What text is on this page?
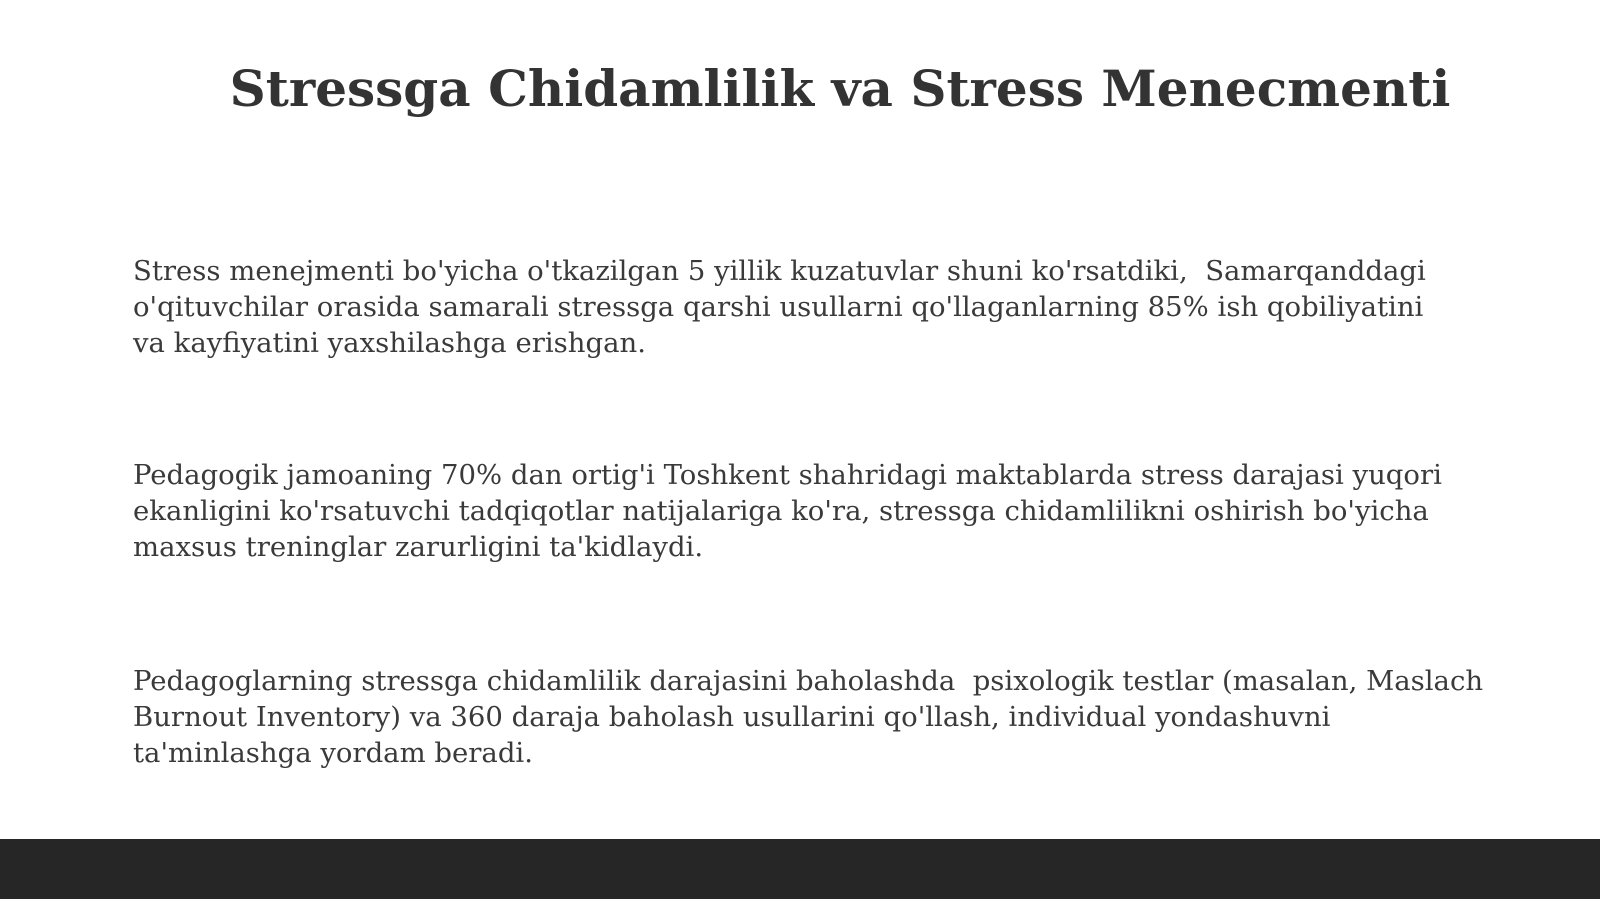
Stressga Chidamlilik va Stress Menecmenti

Stress menejmenti bo'yicha o'tkazilgan 5 yillik kuzatuvlar shuni ko'rsatdiki,  Samarqanddagi
o'qituvchilar orasida samarali stressga qarshi usullarni qo'llaganlarning 85% ish qobiliyatini
va kayfiyatini yaxshilashga erishgan.

Pedagogik jamoaning 70% dan ortig'i Toshkent shahridagi maktablarda stress darajasi yuqori
ekanligini ko'rsatuvchi tadqiqotlar natijalariga ko'ra, stressga chidamlilikni oshirish bo'yicha
maxsus treninglar zarurligini ta'kidlaydi.

Pedagoglarning stressga chidamlilik darajasini baholashda  psixologik testlar (masalan, Maslach
Burnout Inventory) va 360 daraja baholash usullarini qo'llash, individual yondashuvni
ta'minlashga yordam beradi.
